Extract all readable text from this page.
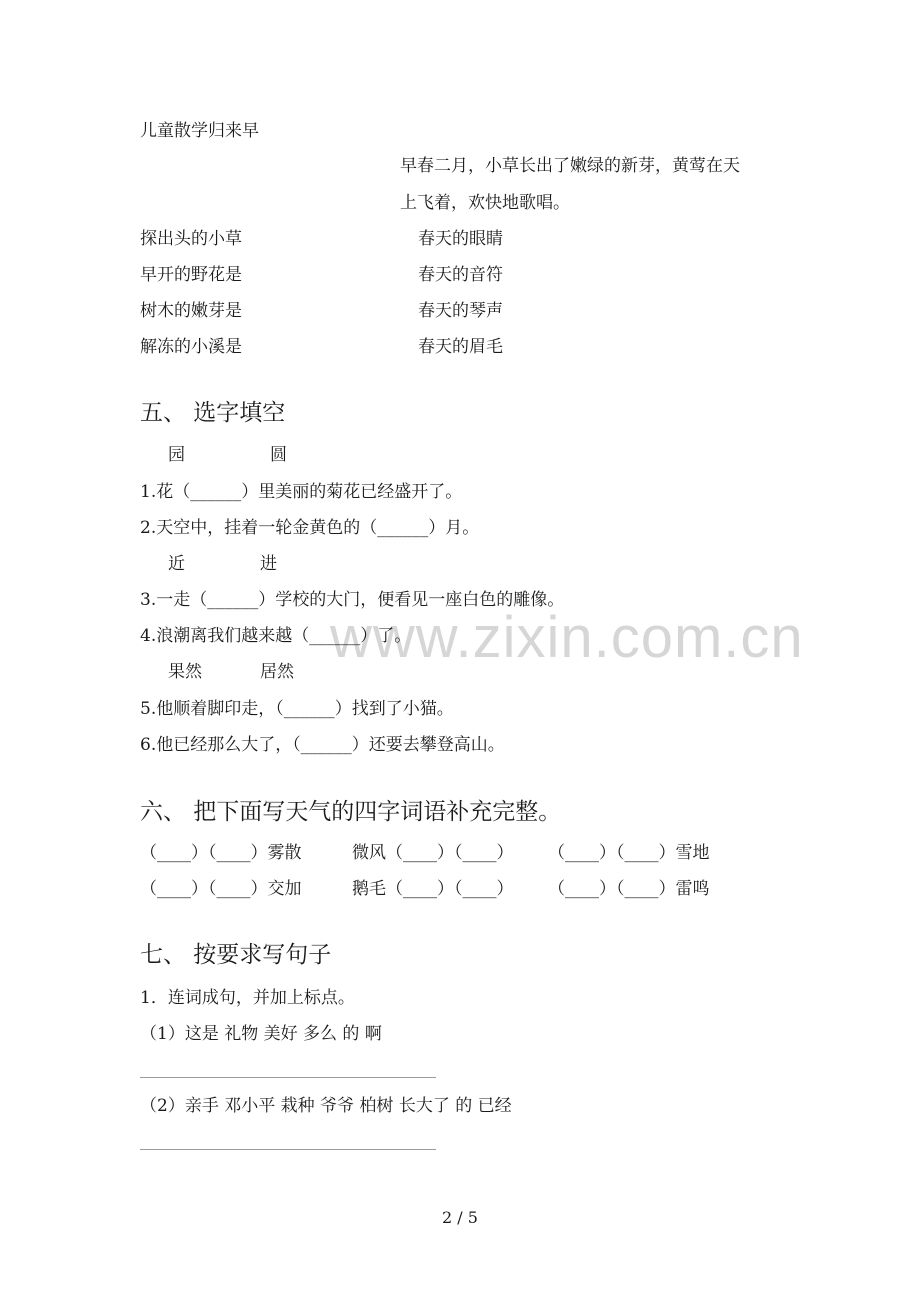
www.zixin.com.cn
儿童散学归来早
早春二月，小草长出了嫩绿的新芽，黄莺在天
上飞着，欢快地歌唱。
探出头的小草	春天的眼睛
早开的野花是	春天的音符
树木的嫩芽是	春天的琴声
解冻的小溪是	春天的眉毛
五、 选字填空
园	圆
1.花（______）里美丽的菊花已经盛开了。
2.天空中，挂着一轮金黄色的（______）月。
近	进
3.一走（______）学校的大门，便看见一座白色的雕像。
4.浪潮离我们越来越（______）了。
果然	居然
5.他顺着脚印走，（______）找到了小猫。
6.他已经那么大了，（______）还要去攀登高山。
六、 把下面写天气的四字词语补充完整。
（____）（____）雾散	微风（____）（____） （____）（____）雪地
（____）（____）交加	鹅毛（____）（____） （____）（____）雷鸣
七、 按要求写句子
1．连词成句，并加上标点。
（1）这是 礼物 美好 多么 的 啊
（2）亲手 邓小平 栽种 爷爷 柏树 长大了 的 已经
2 / 5
